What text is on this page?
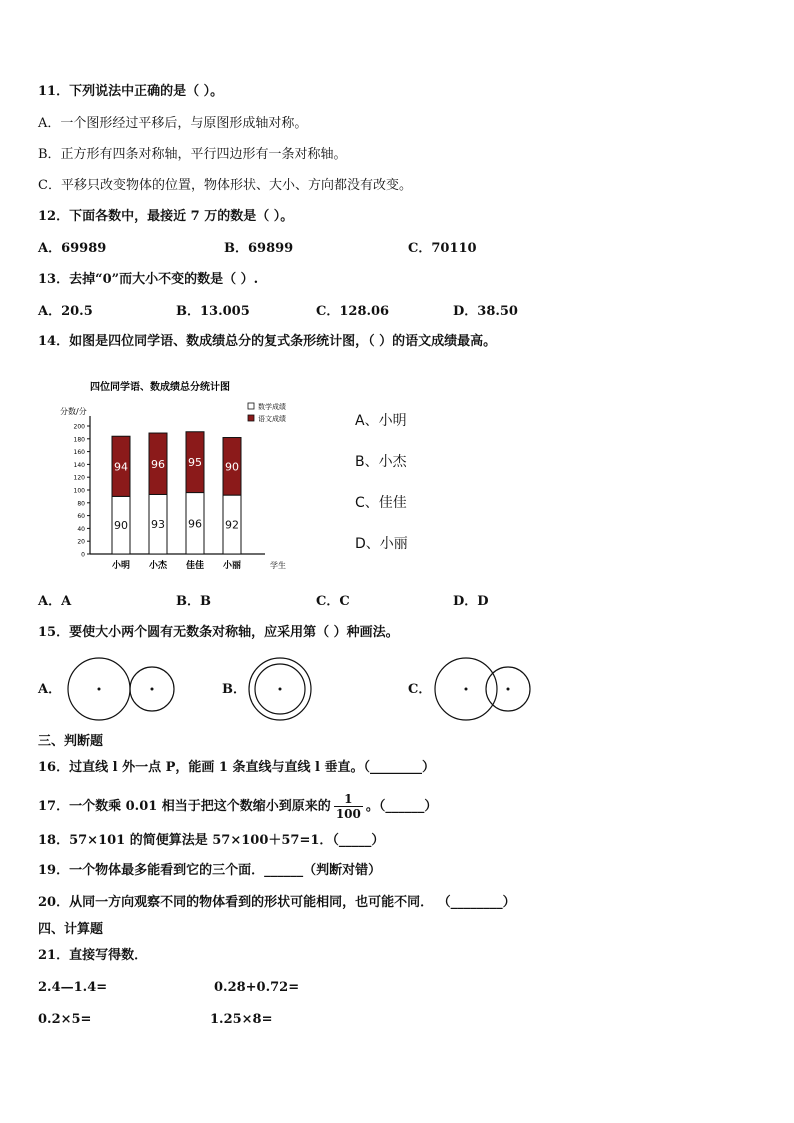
11．下列说法中正确的是（ ）。
A．一个图形经过平移后，与原图形成轴对称。
B．正方形有四条对称轴，平行四边形有一条对称轴。
C．平移只改变物体的位置，物体形状、大小、方向都没有改变。
12．下面各数中，最接近 7 万的数是（ ）。
A．69989	B．69899	C．70110
13．去掉“0”而大小不变的数是（ ）.
A．20.5	B．13.005	C．128.06	D．38.50
14．如图是四位同学语、数成绩总分的复式条形统计图，（ ）的语文成绩最高。
四位同学语、数成绩总分统计图
分数/分
0
20
40
60
80
100
120
140
160
180
200
数学成绩
语文成绩
90
94
小明
93
96
小杰
96
95
佳佳
92
90
小丽	学生
A、小明
B、小杰
C、佳佳
D、小丽
A．A	B．B	C．C	D．D
15．要使大小两个圆有无数条对称轴，应采用第（ ）种画法。
A．	B．	C．
三、判断题
16．过直线 l 外一点 P，能画 1 条直线与直线 l 垂直。（________）
17．一个数乘 0.01 相当于把这个数缩小到原来的 $\frac{1}{100}$ 。（______）
18．57×101 的简便算法是 57×100＋57=1．（_____）
19．一个物体最多能看到它的三个面．______（判断对错）
20．从同一方向观察不同的物体看到的形状可能相同，也可能不同． （________）
四、计算题
21．直接写得数．
2.4—1.4=	0.28+0.72=
0.2×5=	1.25×8=
